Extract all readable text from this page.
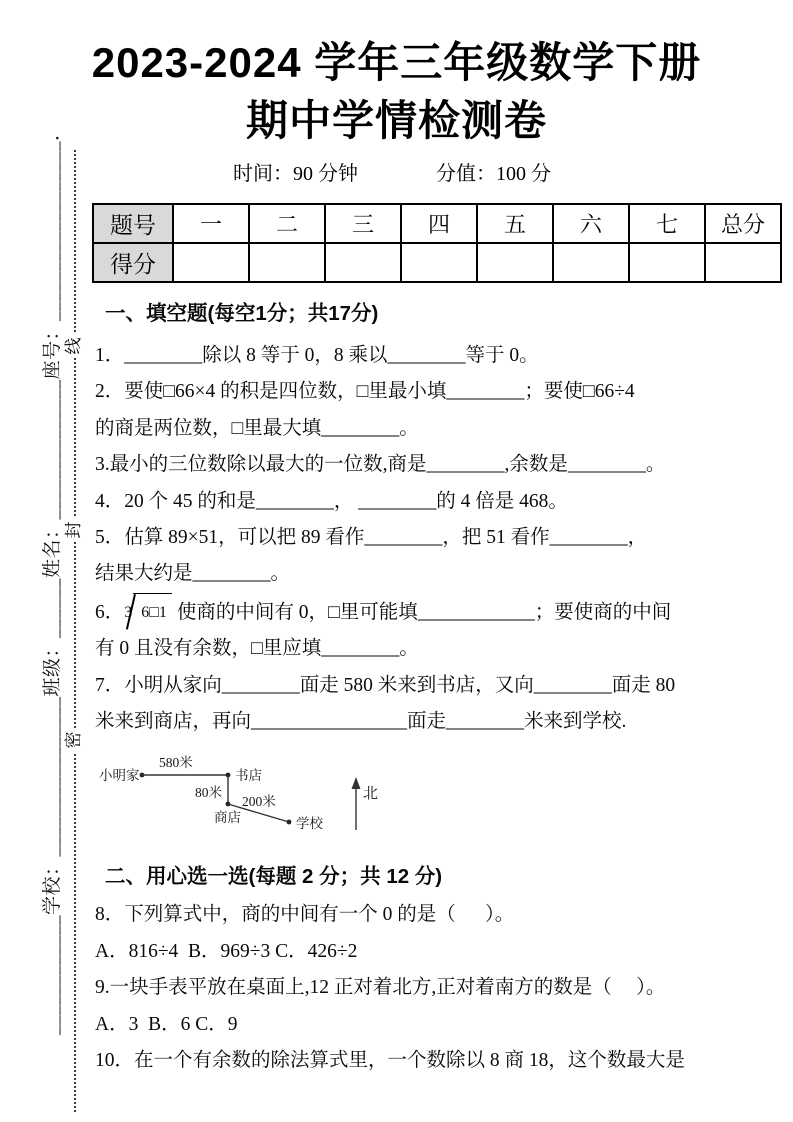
线
封
密
____________学校：________________班级：______姓名：______________座号：__________________．
2023-2024 学年三年级数学下册
期中学情检测卷
时间：90 分钟	分值：100 分
题号	一	二	三	四	五	六	七	总分
得分								
一、填空题(每空1分；共17分)
1．________除以 8 等于 0，8 乘以________等于 0。
2．要使□66×4 的积是四位数，□里最小填________；要使□66÷4
的商是两位数，□里最大填________。
3.最小的三位数除以最大的一位数,商是________,余数是________。
4．20 个 45 的和是________， ________的 4 倍是 468。
5．估算 89×51，可以把 89 看作________，把 51 看作________，
结果大约是________。
6．3 6□1 使商的中间有 0，□里可能填____________；要使商的中间
有 0 且没有余数，□里应填________。
7．小明从家向________面走 580 米来到书店，又向________面走 80
米来到商店，再向________________面走________米来到学校.
小明家
580米
书店
80米
商店
200米
学校
北
二、用心选一选(每题 2 分；共 12 分)
8．下列算式中，商的中间有一个 0 的是（      ）。
A．816÷4  B．969÷3 C．426÷2
9.一块手表平放在桌面上,12 正对着北方,正对着南方的数是（     ）。
A．3  B．6 C．9
10．在一个有余数的除法算式里，一个数除以 8 商 18，这个数最大是
